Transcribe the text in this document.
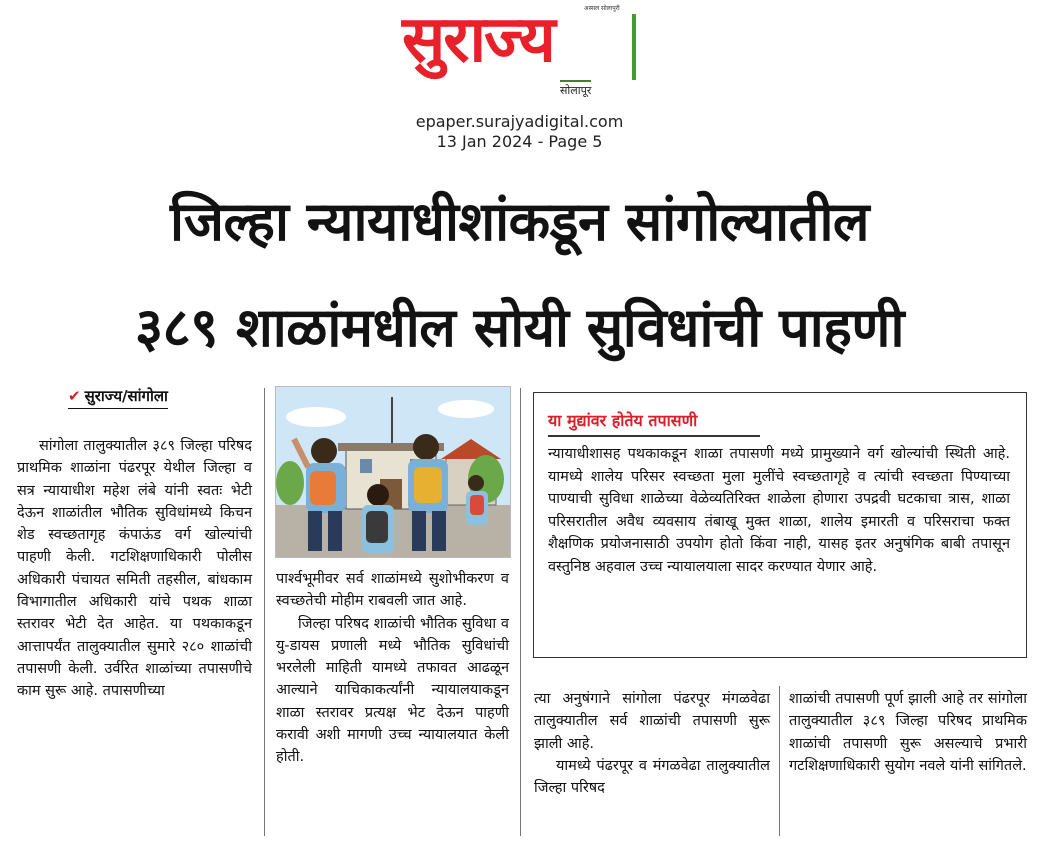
अस्सल सोलापुरी
सुराज्य
सोलापूर
epaper.surajyadigital.com
13 Jan 2024 - Page 5
जिल्हा न्यायाधीशांकडून सांगोल्यातील
३८९ शाळांमधील सोयी सुविधांची पाहणी
✔ सुराज्य/सांगोला

सांगोला तालुक्यातील ३८९ जिल्हा परिषद प्राथमिक शाळांना पंढरपूर येथील जिल्हा व सत्र न्यायाधीश महेश लंबे यांनी स्वतः भेटी देऊन शाळांतील भौतिक सुविधांमध्ये किचन शेड स्वच्छतागृह कंपाऊंड वर्ग खोल्यांची पाहणी केली. गटशिक्षणाधिकारी पोलीस अधिकारी पंचायत समिती तहसील, बांधकाम विभागातील अधिकारी यांचे पथक शाळा स्तरावर भेटी देत आहेत. या पथकाकडून आत्तापर्यंत तालुक्यातील सुमारे २८० शाळांची तपासणी केली. उर्वरित शाळांच्या तपासणीचे काम सुरू आहे. तपासणीच्या

पार्श्वभूमीवर सर्व शाळांमध्ये सुशोभीकरण व स्वच्छतेची मोहीम राबवली जात आहे.

जिल्हा परिषद शाळांची भौतिक सुविधा व यु-डायस प्रणाली मध्ये भौतिक सुविधांची भरलेली माहिती यामध्ये तफावत आढळून आल्याने याचिकाकर्त्यांनी न्यायालयाकडून शाळा स्तरावर प्रत्यक्ष भेट देऊन पाहणी करावी अशी मागणी उच्च न्यायालयात केली होती.

या मुद्यांवर होतेय तपासणी
न्यायाधीशासह पथकाकडून शाळा तपासणी मध्ये प्रामुख्याने वर्ग खोल्यांची स्थिती आहे. यामध्ये शालेय परिसर स्वच्छता मुला मुलींचे स्वच्छतागृहे व त्यांची स्वच्छता पिण्याच्या पाण्याची सुविधा शाळेच्या वेळेव्यतिरिक्त शाळेला होणारा उपद्रवी घटकाचा त्रास, शाळा परिसरातील अवैध व्यवसाय तंबाखू मुक्त शाळा, शालेय इमारती व परिसराचा फक्त शैक्षणिक प्रयोजनासाठी उपयोग होतो किंवा नाही, यासह इतर अनुषंगिक बाबी तपासून वस्तुनिष्ठ अहवाल उच्च न्यायालयाला सादर करण्यात येणार आहे.

त्या अनुषंगाने सांगोला पंढरपूर मंगळवेढा तालुक्यातील सर्व शाळांची तपासणी सुरू झाली आहे.

यामध्ये पंढरपूर व मंगळवेढा तालुक्यातील जिल्हा परिषद

शाळांची तपासणी पूर्ण झाली आहे तर सांगोला तालुक्यातील ३८९ जिल्हा परिषद प्राथमिक शाळांची तपासणी सुरू असल्याचे प्रभारी गटशिक्षणाधिकारी सुयोग नवले यांनी सांगितले.
